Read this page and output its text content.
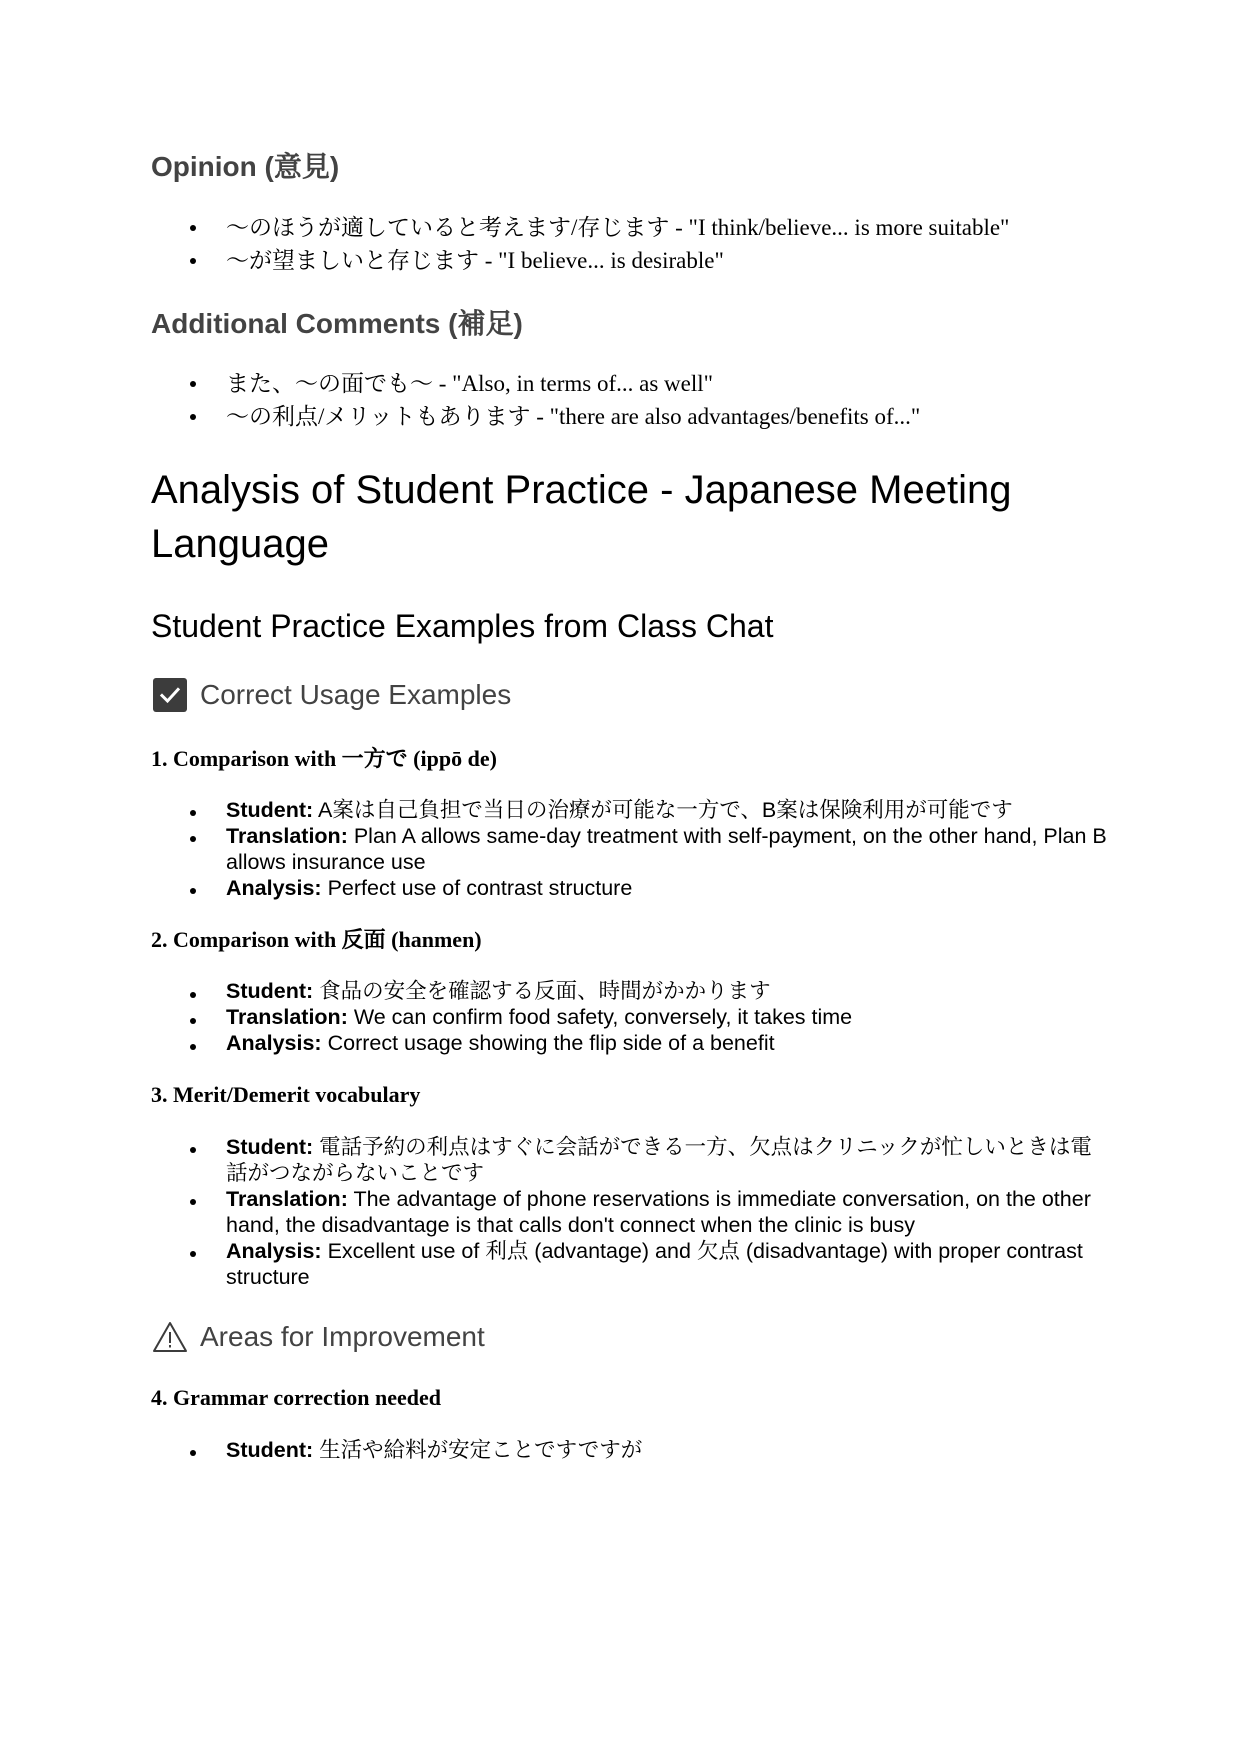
Opinion (意見)
〜のほうが適していると考えます/存じます - "I think/believe... is more suitable"
〜が望ましいと存じます - "I believe... is desirable"
Additional Comments (補足)
また、〜の面でも〜 - "Also, in terms of... as well"
〜の利点/メリットもあります - "there are also advantages/benefits of..."
Analysis of Student Practice - Japanese Meeting Language
Student Practice Examples from Class Chat
Correct Usage Examples
1. Comparison with 一方で (ippō de)
Student: A案は自己負担で当日の治療が可能な一方で、B案は保険利用が可能です
Translation: Plan A allows same-day treatment with self-payment, on the other hand, Plan B allows insurance use
Analysis: Perfect use of contrast structure
2. Comparison with 反面 (hanmen)
Student: 食品の安全を確認する反面、時間がかかります
Translation: We can confirm food safety, conversely, it takes time
Analysis: Correct usage showing the flip side of a benefit
3. Merit/Demerit vocabulary
Student: 電話予約の利点はすぐに会話ができる一方、欠点はクリニックが忙しいときは電話がつながらないことです
Translation: The advantage of phone reservations is immediate conversation, on the other hand, the disadvantage is that calls don't connect when the clinic is busy
Analysis: Excellent use of 利点 (advantage) and 欠点 (disadvantage) with proper contrast structure
Areas for Improvement
4. Grammar correction needed
Student: 生活や給料が安定ことですですが
